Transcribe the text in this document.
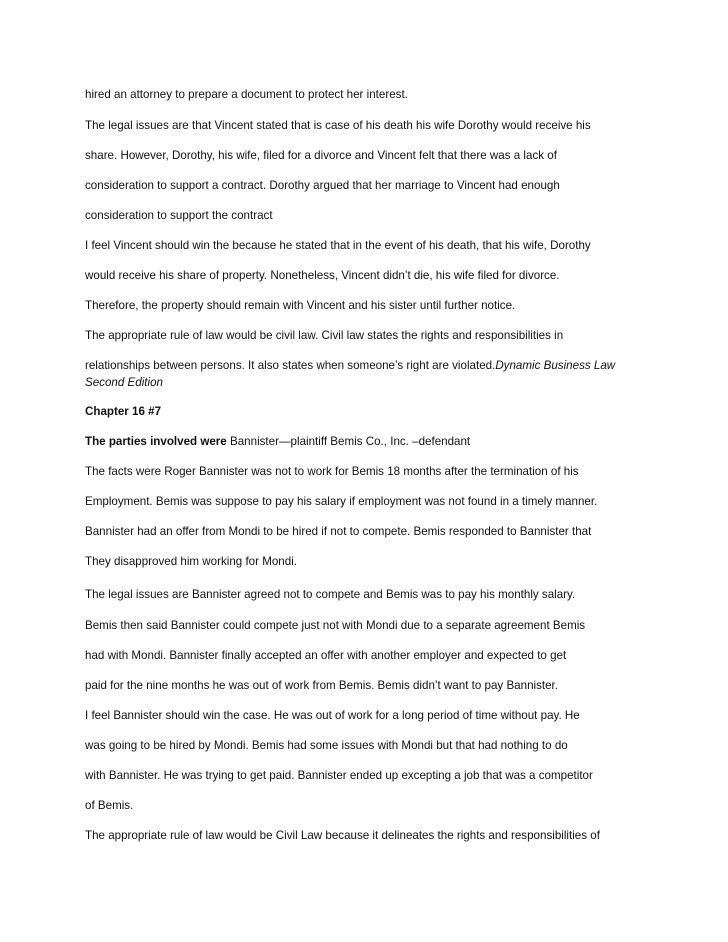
hired an attorney to prepare a document to protect her interest.
The legal issues are that Vincent stated that is case of his death his wife Dorothy would receive his
share. However, Dorothy, his wife, filed for a divorce and Vincent felt that there was a lack of
consideration to support a contract. Dorothy argued that her marriage to Vincent had enough
consideration to support the contract
I feel Vincent should win the because he stated that in the event of his death, that his wife, Dorothy
would receive his share of property. Nonetheless, Vincent didn’t die, his wife filed for divorce.
Therefore, the property should remain with Vincent and his sister until further notice.
The appropriate rule of law would be civil law. Civil law states the rights and responsibilities in
relationships between persons. It also states when someone’s right are violated.Dynamic Business Law
Second Edition
Chapter 16 #7
The parties involved were Bannister—plaintiff Bemis Co., Inc. –defendant
The facts were Roger Bannister was not to work for Bemis 18 months after the termination of his
Employment. Bemis was suppose to pay his salary if employment was not found in a timely manner.
Bannister had an offer from Mondi to be hired if not to compete. Bemis responded to Bannister that
They disapproved him working for Mondi.
The legal issues are Bannister agreed not to compete and Bemis was to pay his monthly salary.
Bemis then said Bannister could compete just not with Mondi due to a separate agreement Bemis
had with Mondi. Bannister finally accepted an offer with another employer and expected to get
paid for the nine months he was out of work from Bemis. Bemis didn’t want to pay Bannister.
I feel Bannister should win the case. He was out of work for a long period of time without pay. He
was going to be hired by Mondi. Bemis had some issues with Mondi but that had nothing to do
with Bannister. He was trying to get paid. Bannister ended up excepting a job that was a competitor
of Bemis.
The appropriate rule of law would be Civil Law because it delineates the rights and responsibilities of
